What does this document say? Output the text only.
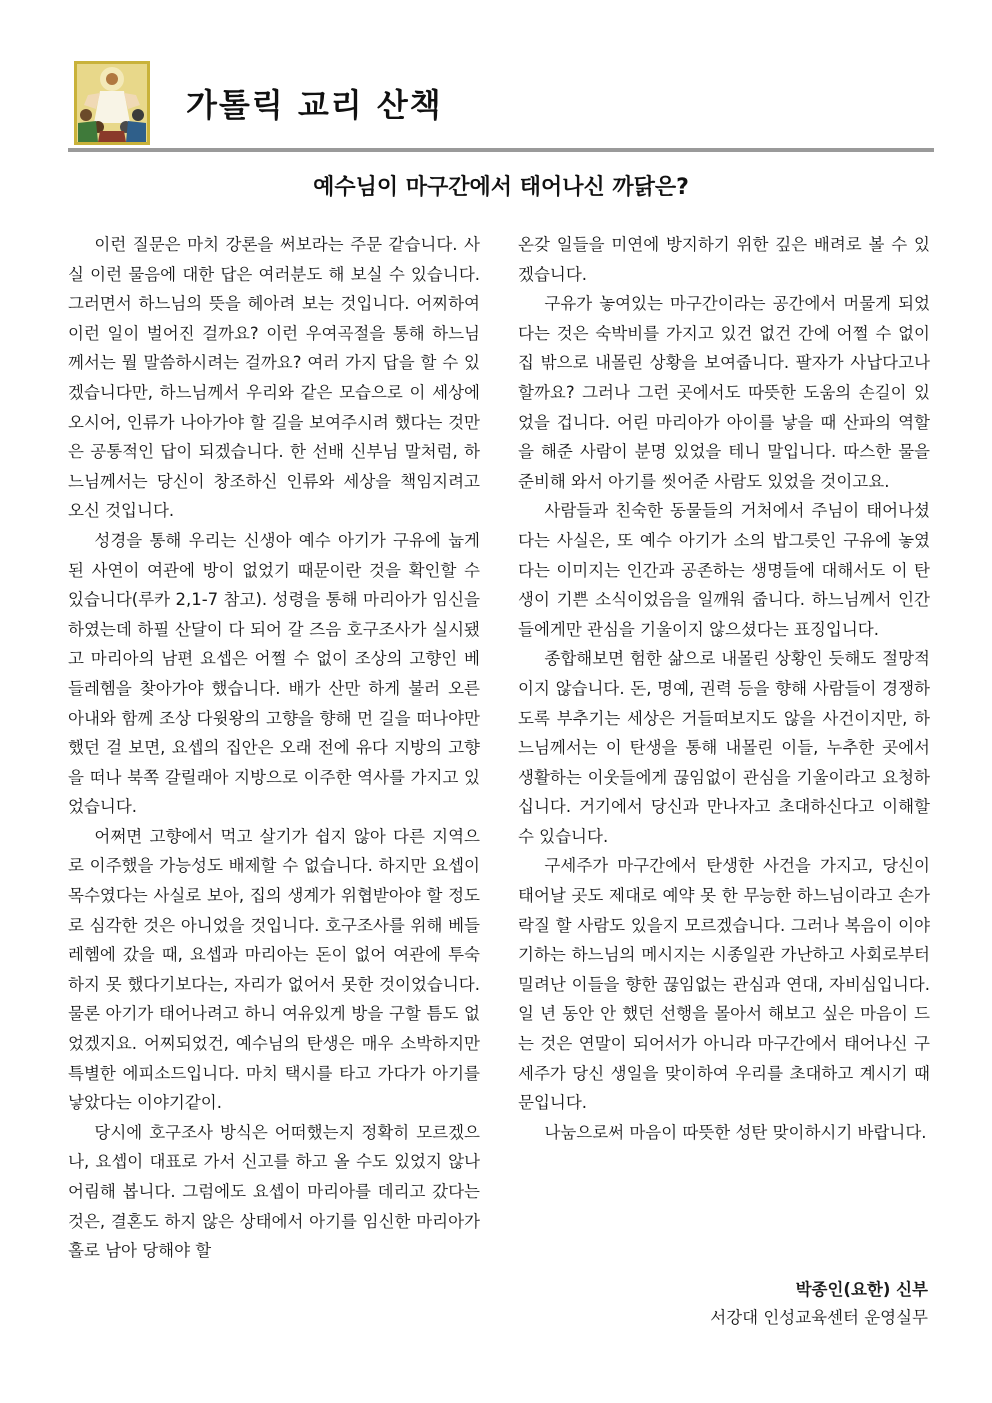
가톨릭 교리 산책
예수님이 마구간에서 태어나신 까닭은?

이런 질문은 마치 강론을 써보라는 주문 같습니다. 사실 이런 물음에 대한 답은 여러분도 해 보실 수 있습니다. 그러면서 하느님의 뜻을 헤아려 보는 것입니다. 어찌하여 이런 일이 벌어진 걸까요? 이런 우여곡절을 통해 하느님께서는 뭘 말씀하시려는 걸까요? 여러 가지 답을 할 수 있겠습니다만, 하느님께서 우리와 같은 모습으로 이 세상에 오시어, 인류가 나아가야 할 길을 보여주시려 했다는 것만은 공통적인 답이 되겠습니다. 한 선배 신부님 말처럼, 하느님께서는 당신이 창조하신 인류와 세상을 책임지려고 오신 것입니다.

성경을 통해 우리는 신생아 예수 아기가 구유에 눕게 된 사연이 여관에 방이 없었기 때문이란 것을 확인할 수 있습니다(루카 2,1-7 참고). 성령을 통해 마리아가 임신을 하였는데 하필 산달이 다 되어 갈 즈음 호구조사가 실시됐고 마리아의 남편 요셉은 어쩔 수 없이 조상의 고향인 베들레헴을 찾아가야 했습니다. 배가 산만 하게 불러 오른 아내와 함께 조상 다윗왕의 고향을 향해 먼 길을 떠나야만 했던 걸 보면, 요셉의 집안은 오래 전에 유다 지방의 고향을 떠나 북쪽 갈릴래아 지방으로 이주한 역사를 가지고 있었습니다.

어쩌면 고향에서 먹고 살기가 쉽지 않아 다른 지역으로 이주했을 가능성도 배제할 수 없습니다. 하지만 요셉이 목수였다는 사실로 보아, 집의 생계가 위협받아야 할 정도로 심각한 것은 아니었을 것입니다. 호구조사를 위해 베들레헴에 갔을 때, 요셉과 마리아는 돈이 없어 여관에 투숙하지 못 했다기보다는, 자리가 없어서 못한 것이었습니다. 물론 아기가 태어나려고 하니 여유있게 방을 구할 틈도 없었겠지요. 어찌되었건, 예수님의 탄생은 매우 소박하지만 특별한 에피소드입니다. 마치 택시를 타고 가다가 아기를 낳았다는 이야기같이.

당시에 호구조사 방식은 어떠했는지 정확히 모르겠으나, 요셉이 대표로 가서 신고를 하고 올 수도 있었지 않나 어림해 봅니다. 그럼에도 요셉이 마리아를 데리고 갔다는 것은, 결혼도 하지 않은 상태에서 아기를 임신한 마리아가 홀로 남아 당해야 할

온갖 일들을 미연에 방지하기 위한 깊은 배려로 볼 수 있겠습니다.

구유가 놓여있는 마구간이라는 공간에서 머물게 되었다는 것은 숙박비를 가지고 있건 없건 간에 어쩔 수 없이 집 밖으로 내몰린 상황을 보여줍니다. 팔자가 사납다고나 할까요? 그러나 그런 곳에서도 따뜻한 도움의 손길이 있었을 겁니다. 어린 마리아가 아이를 낳을 때 산파의 역할을 해준 사람이 분명 있었을 테니 말입니다. 따스한 물을 준비해 와서 아기를 씻어준 사람도 있었을 것이고요.

사람들과 친숙한 동물들의 거처에서 주님이 태어나셨다는 사실은, 또 예수 아기가 소의 밥그릇인 구유에 놓였다는 이미지는 인간과 공존하는 생명들에 대해서도 이 탄생이 기쁜 소식이었음을 일깨워 줍니다. 하느님께서 인간들에게만 관심을 기울이지 않으셨다는 표징입니다.

종합해보면 험한 삶으로 내몰린 상황인 듯해도 절망적이지 않습니다. 돈, 명예, 권력 등을 향해 사람들이 경쟁하도록 부추기는 세상은 거들떠보지도 않을 사건이지만, 하느님께서는 이 탄생을 통해 내몰린 이들, 누추한 곳에서 생활하는 이웃들에게 끊임없이 관심을 기울이라고 요청하십니다. 거기에서 당신과 만나자고 초대하신다고 이해할 수 있습니다.

구세주가 마구간에서 탄생한 사건을 가지고, 당신이 태어날 곳도 제대로 예약 못 한 무능한 하느님이라고 손가락질 할 사람도 있을지 모르겠습니다. 그러나 복음이 이야기하는 하느님의 메시지는 시종일관 가난하고 사회로부터 밀려난 이들을 향한 끊임없는 관심과 연대, 자비심입니다. 일 년 동안 안 했던 선행을 몰아서 해보고 싶은 마음이 드는 것은 연말이 되어서가 아니라 마구간에서 태어나신 구세주가 당신 생일을 맞이하여 우리를 초대하고 계시기 때문입니다.

나눔으로써 마음이 따뜻한 성탄 맞이하시기 바랍니다.

박종인(요한) 신부
서강대 인성교육센터 운영실무
